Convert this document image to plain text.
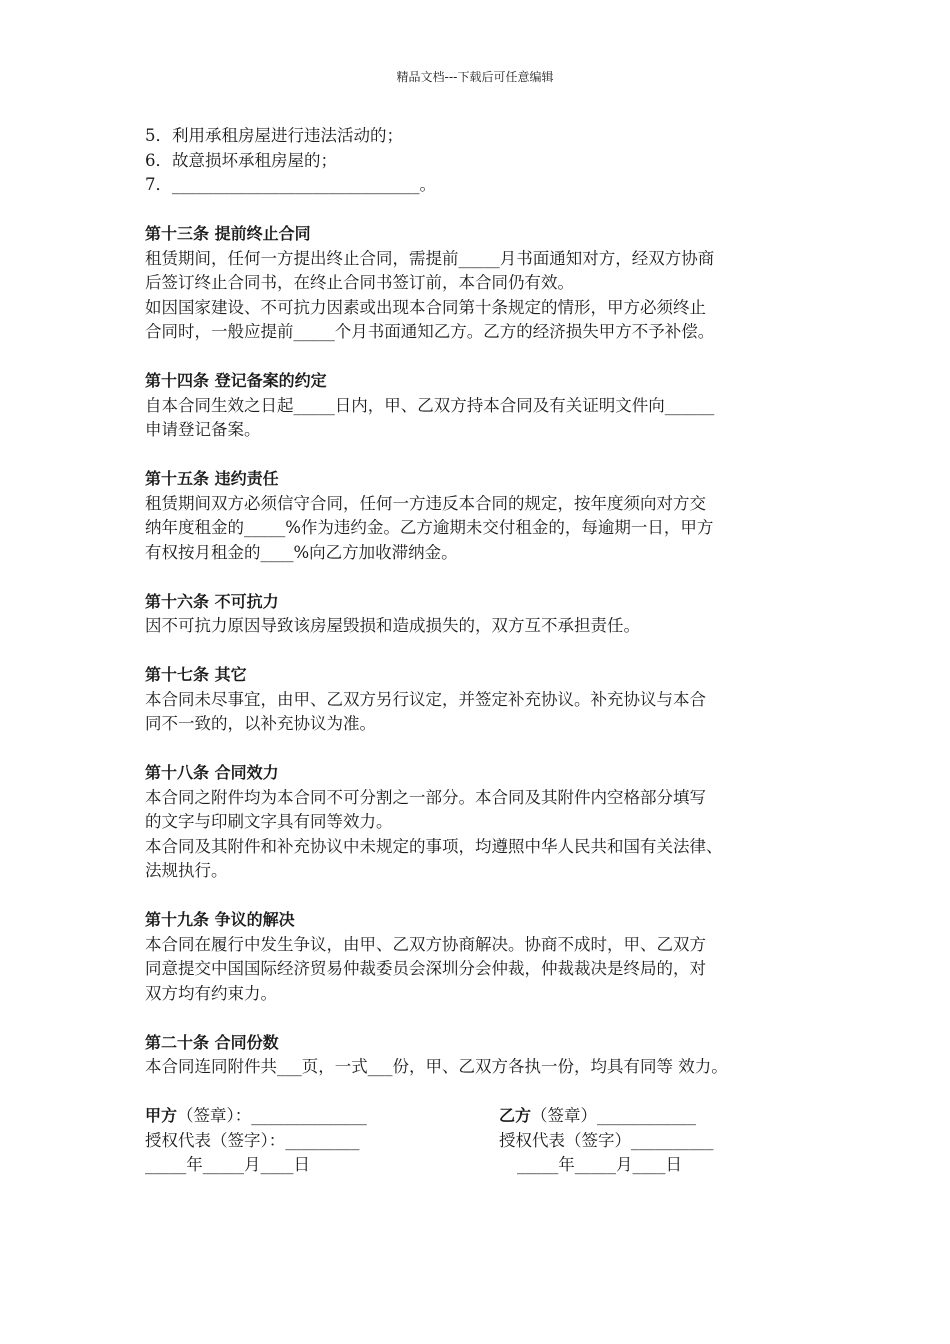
精品文档---下载后可任意编辑

5．利用承租房屋进行违法活动的；

6．故意损坏承租房屋的；

7．______________________________。

第十三条 提前终止合同

租赁期间，任何一方提出终止合同，需提前_____月书面通知对方，经双方协商

后签订终止合同书，在终止合同书签订前，本合同仍有效。

如因国家建设、不可抗力因素或出现本合同第十条规定的情形，甲方必须终止

合同时，一般应提前_____个月书面通知乙方。乙方的经济损失甲方不予补偿。

第十四条 登记备案的约定

自本合同生效之日起_____日内，甲、乙双方持本合同及有关证明文件向______

申请登记备案。

第十五条 违约责任

租赁期间双方必须信守合同，任何一方违反本合同的规定，按年度须向对方交

纳年度租金的_____%作为违约金。乙方逾期未交付租金的，每逾期一日，甲方

有权按月租金的____%向乙方加收滞纳金。

第十六条 不可抗力

因不可抗力原因导致该房屋毁损和造成损失的，双方互不承担责任。

第十七条 其它

本合同未尽事宜，由甲、乙双方另行议定，并签定补充协议。补充协议与本合

同不一致的，以补充协议为准。

第十八条 合同效力

本合同之附件均为本合同不可分割之一部分。本合同及其附件内空格部分填写

的文字与印刷文字具有同等效力。

本合同及其附件和补充协议中未规定的事项，均遵照中华人民共和国有关法律、

法规执行。

第十九条 争议的解决

本合同在履行中发生争议，由甲、乙双方协商解决。协商不成时，甲、乙双方

同意提交中国国际经济贸易仲裁委员会深圳分会仲裁，仲裁裁决是终局的，对

双方均有约束力。

第二十条 合同份数

本合同连同附件共___页，一式___份，甲、乙双方各执一份，均具有同等 效力。

甲方（签章）：______________	乙方（签章）____________
授权代表（签字）：_________	授权代表（签字）__________
_____年_____月____日	_____年_____月____日
